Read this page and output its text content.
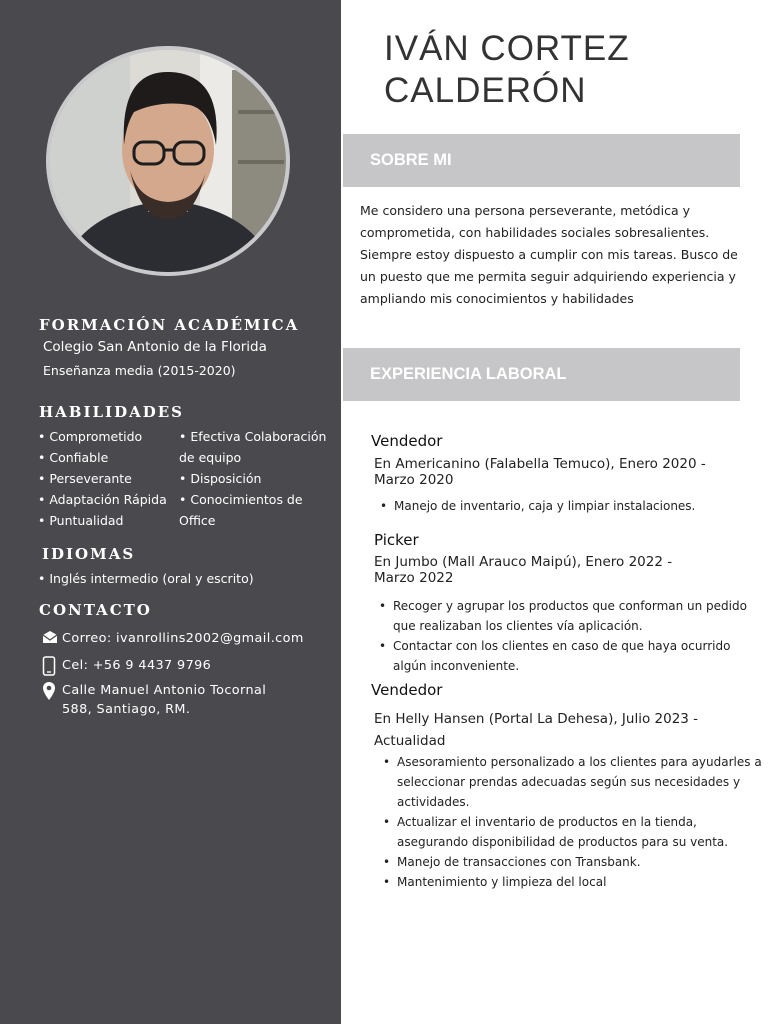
FORMACIÓN ACADÉMICA
Colegio San Antonio de la Florida
Enseñanza media (2015-2020)
HABILIDADES
• Comprometido
• Confiable
• Perseverante
• Adaptación Rápida
• Puntualidad
• Efectiva Colaboración
de equipo
• Disposición
• Conocimientos de
Office
IDIOMAS
• Inglés intermedio (oral y escrito)
CONTACTO
Correo: ivanrollins2002@gmail.com
Cel: +56 9 4437 9796
Calle Manuel Antonio Tocornal
588, Santiago, RM.
IVÁN CORTEZ
CALDERÓN
SOBRE MI

Me considero una persona perseverante, metódica y comprometida, con habilidades sociales sobresalientes. Siempre estoy dispuesto a cumplir con mis tareas. Busco de un puesto que me permita seguir adquiriendo experiencia y ampliando mis conocimientos y habilidades

EXPERIENCIA LABORAL
Vendedor

En Americanino (Falabella Temuco), Enero 2020 - Marzo 2020

• Manejo de inventario, caja y limpiar instalaciones.
Picker

En Jumbo (Mall Arauco Maipú), Enero 2022 - Marzo 2022

• Recoger y agrupar los productos que conforman un pedido que realizaban los clientes vía aplicación.
• Contactar con los clientes en caso de que haya ocurrido algún inconveniente.
Vendedor

En Helly Hansen (Portal La Dehesa), Julio 2023 - Actualidad

• Asesoramiento personalizado a los clientes para ayudarles a seleccionar prendas adecuadas según sus necesidades y actividades.
• Actualizar el inventario de productos en la tienda, asegurando disponibilidad de productos para su venta.
• Manejo de transacciones con Transbank.
• Mantenimiento y limpieza del local
